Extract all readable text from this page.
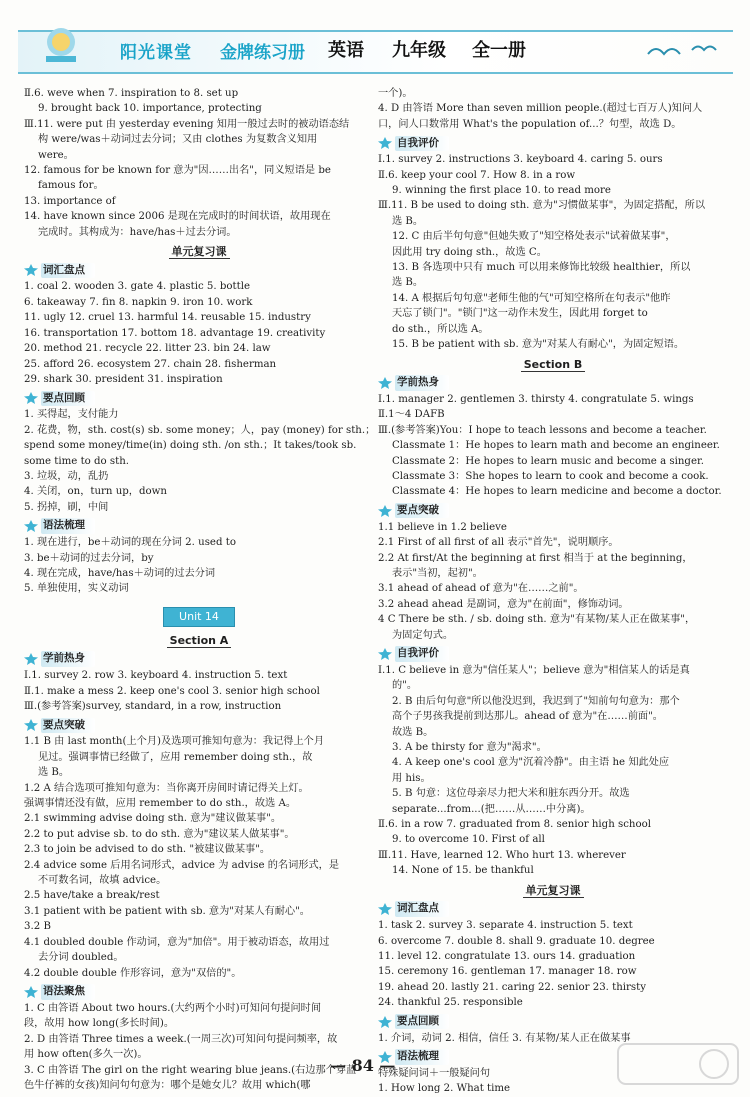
阳光课堂 金牌练习册 英语 九年级 全一册
Ⅱ.6. weve when 7. inspiration to 8. set up
9. brought back 10. importance, protecting
Ⅲ.11. were put 由 yesterday evening 知用一般过去时的被动语态结
构 were/was＋动词过去分词；又由 clothes 为复数含义知用
were。
12. famous for be known for 意为"因……出名"，同义短语是 be
famous for。
13. importance of
14. have known since 2006 是现在完成时的时间状语，故用现在
完成时。其构成为：have/has＋过去分词。
单元复习课
词汇盘点
1. coal 2. wooden 3. gate 4. plastic 5. bottle
6. takeaway 7. fin 8. napkin 9. iron 10. work
11. ugly 12. cruel 13. harmful 14. reusable 15. industry
16. transportation 17. bottom 18. advantage 19. creativity
20. method 21. recycle 22. litter 23. bin 24. law
25. afford 26. ecosystem 27. chain 28. fisherman
29. shark 30. president 31. inspiration
要点回顾
1. 买得起，支付能力
2. 花费，物，sth. cost(s) sb. some money；人，pay (money) for sth.；
spend some money/time(in) doing sth. /on sth.；It takes/took sb.
some time to do sth.
3. 垃圾，动，乱扔
4. 关闭，on，turn up，down
5. 拐掉，刷，中间
语法梳理
1. 现在进行，be＋动词的现在分词 2. used to
3. be＋动词的过去分词，by
4. 现在完成，have/has＋动词的过去分词
5. 单独使用，实义动词
Unit 14
Section A
学前热身
Ⅰ.1. survey 2. row 3. keyboard 4. instruction 5. text
Ⅱ.1. make a mess 2. keep one's cool 3. senior high school
Ⅲ.(参考答案)survey, standard, in a row, instruction
要点突破
1.1 B 由 last month(上个月)及选项可推知句意为：我记得上个月
见过。强调事情已经做了，应用 remember doing sth.，故
选 B。
1.2 A 结合选项可推知句意为：当你离开房间时请记得关上灯。
强调事情还没有做，应用 remember to do sth.，故选 A。
2.1 swimming advise doing sth. 意为"建议做某事"。
2.2 to put advise sb. to do sth. 意为"建议某人做某事"。
2.3 to join be advised to do sth. "被建议做某事"。
2.4 advice some 后用名词形式，advice 为 advise 的名词形式，是
不可数名词，故填 advice。
2.5 have/take a break/rest
3.1 patient with be patient with sb. 意为"对某人有耐心"。
3.2 B
4.1 doubled double 作动词，意为"加倍"。用于被动语态，故用过
去分词 doubled。
4.2 double double 作形容词，意为"双倍的"。
语法聚焦
1. C 由答语 About two hours.(大约两个小时)可知问句提问时间
段，故用 how long(多长时间)。
2. D 由答语 Three times a week.(一周三次)可知问句提问频率，故
用 how often(多久一次)。
3. C 由答语 The girl on the right wearing blue jeans.(右边那个穿蓝
色牛仔裤的女孩)知问句句意为：哪个是她女儿？故用 which(哪
一个)。
4. D 由答语 More than seven million people.(超过七百万人)知问人
口，问人口数常用 What's the population of...？句型，故选 D。
自我评价
Ⅰ.1. survey 2. instructions 3. keyboard 4. caring 5. ours
Ⅱ.6. keep your cool 7. How 8. in a row
9. winning the first place 10. to read more
Ⅲ.11. B be used to doing sth. 意为"习惯做某事"，为固定搭配，所以
选 B。
12. C 由后半句句意"但她失败了"知空格处表示"试着做某事"，
因此用 try doing sth.，故选 C。
13. B 各选项中只有 much 可以用来修饰比较级 healthier，所以
选 B。
14. A 根据后句句意"老师生他的气"可知空格所在句表示"他昨
天忘了锁门"。"锁门"这一动作未发生，因此用 forget to
do sth.，所以选 A。
15. B be patient with sb. 意为"对某人有耐心"，为固定短语。
Section B
学前热身
Ⅰ.1. manager 2. gentlemen 3. thirsty 4. congratulate 5. wings
Ⅱ.1～4 DAFB
Ⅲ.(参考答案)You：I hope to teach lessons and become a teacher.
Classmate 1：He hopes to learn math and become an engineer.
Classmate 2：He hopes to learn music and become a singer.
Classmate 3：She hopes to learn to cook and become a cook.
Classmate 4：He hopes to learn medicine and become a doctor.
要点突破
1.1 believe in 1.2 believe
2.1 First of all first of all 表示"首先"，说明顺序。
2.2 At first/At the beginning at first 相当于 at the beginning，
表示"当初，起初"。
3.1 ahead of ahead of 意为"在……之前"。
3.2 ahead ahead 是副词，意为"在前面"，修饰动词。
4 C There be sth. / sb. doing sth. 意为"有某物/某人正在做某事"，
为固定句式。
自我评价
Ⅰ.1. C believe in 意为"信任某人"；believe 意为"相信某人的话是真
的"。
2. B 由后句句意"所以他没迟到，我迟到了"知前句句意为：那个
高个子男孩我提前到达那儿。ahead of 意为"在……前面"。
故选 B。
3. A be thirsty for 意为"渴求"。
4. A keep one's cool 意为"沉着冷静"。由主语 he 知此处应
用 his。
5. B 句意：这位母亲尽力把大米和脏东西分开。故选
separate...from...(把……从……中分离)。
Ⅱ.6. in a row 7. graduated from 8. senior high school
9. to overcome 10. First of all
Ⅲ.11. Have, learned 12. Who hurt 13. wherever
14. None of 15. be thankful
单元复习课
词汇盘点
1. task 2. survey 3. separate 4. instruction 5. text
6. overcome 7. double 8. shall 9. graduate 10. degree
11. level 12. congratulate 13. ours 14. graduation
15. ceremony 16. gentleman 17. manager 18. row
19. ahead 20. lastly 21. caring 22. senior 23. thirsty
24. thankful 25. responsible
要点回顾
1. 介词，动词 2. 相信，信任 3. 有某物/某人正在做某事
语法梳理
特殊疑问词＋一般疑问句
1. How long 2. What time
— 84 —
